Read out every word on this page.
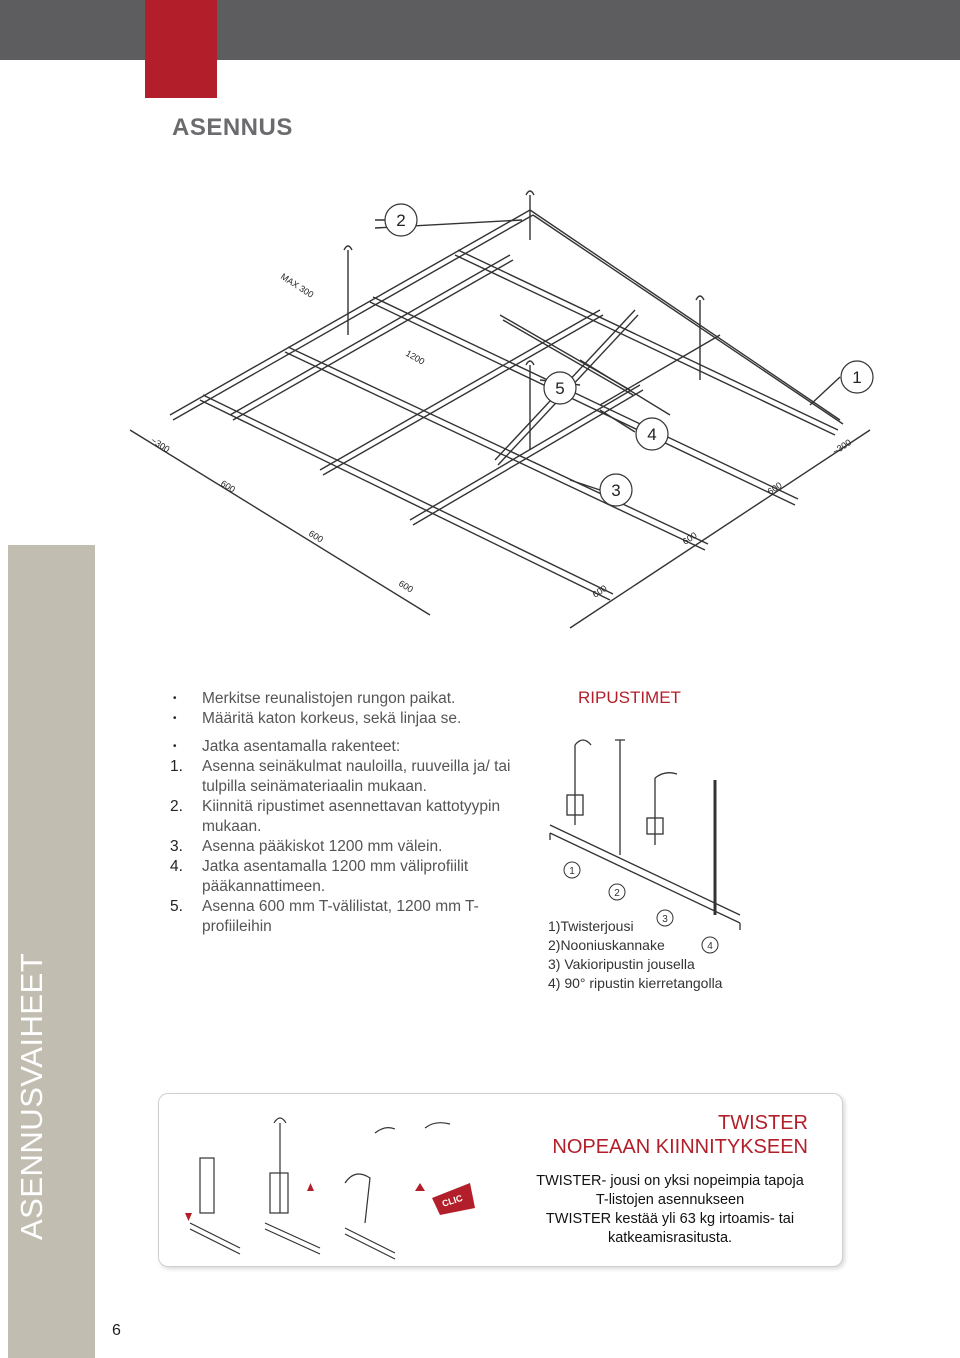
ASENNUS
ASENNUSVAIHEET
2
5
4
3
1
MAX 300
1200
~300
600
600
600
~300
600
600
600
• Merkitse reunalistojen rungon paikat.
• Määritä katon korkeus, sekä linjaa se.
• Jatka asentamalla rakenteet:
1. Asenna seinäkulmat nauloilla, ruuveilla ja/ tai tulpilla seinämateriaalin mukaan.
2. Kiinnitä ripustimet asennettavan kattotyypin mukaan.
3. Asenna pääkiskot 1200 mm välein.
4. Jatka asentamalla 1200 mm väliprofiilit pääkannattimeen.
5. Asenna 600 mm T-välilistat, 1200 mm T-profiileihin
RIPUSTIMET
1
2
3
4
1)Twisterjousi
2)Nooniuskannake
3) Vakioripustin jousella
4) 90° ripustin kierretangolla
CLIC
TWISTER
NOPEAAN KIINNITYKSEEN
TWISTER- jousi on yksi nopeimpia tapoja
T-listojen asennukseen
TWISTER kestää yli 63 kg irtoamis- tai
katkeamisrasitusta.
6
